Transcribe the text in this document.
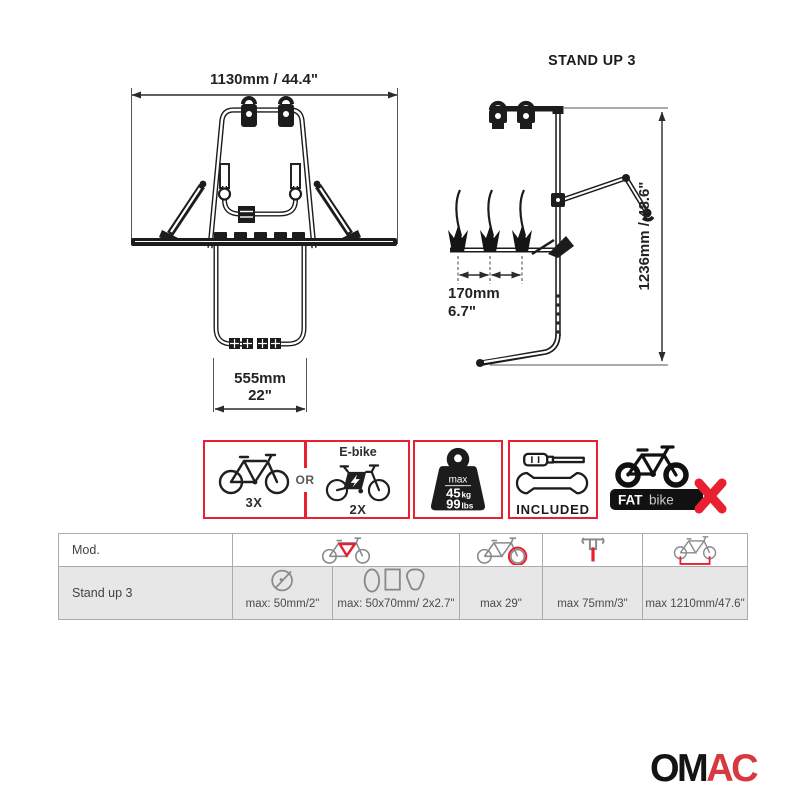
1130mm / 44.4"
555mm
22"
STAND UP 3
170mm
6.7"
1236mm / 48.6"
3X
OR
E-bike
2X
max
45 kg
99 lbs	INCLUDED
FAT bike
Mod.
Stand up 3
max: 50mm/2" max: 50x70mm/ 2x2.7" max 29"	max 75mm/3" max 1210mm/47.6"
OMAC
